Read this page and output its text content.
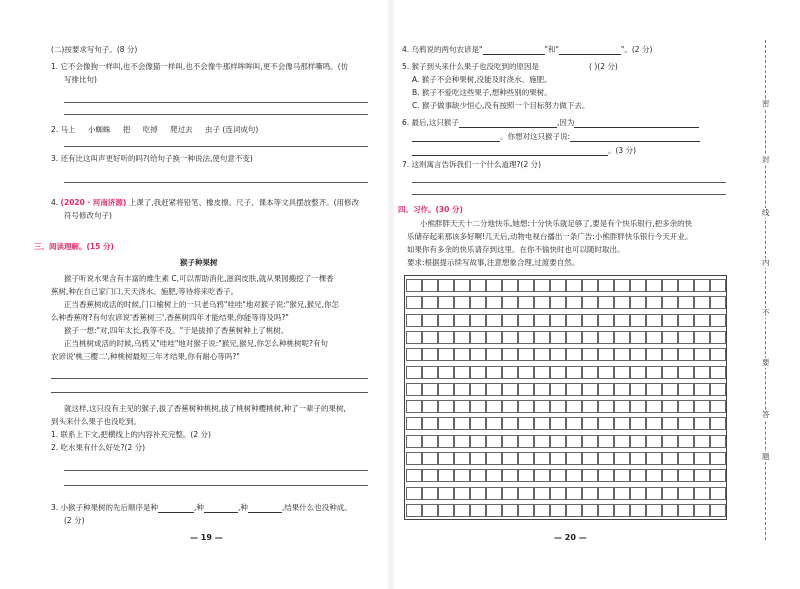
(二)按要求写句子。(8 分)
1. 它不会像狗一样叫,也不会像猫一样叫,也不会像牛那样哞哞叫,更不会像马那样嘶鸣。(仿
写排比句)
2. 马上 小蜘蛛 把 吃掉 爬过去 虫子 (连词成句)
3. 还有比这叫声更好听的吗?(给句子换一种说法,使句意不变)
4. (2020 · 河南济源) 上课了,我赶紧将铅笔、橡皮擦、尺子、课本等文具摆放整齐。(用修改
符号修改句子)
三、阅读理解。(15 分)
猴子种果树
猴子听说水果含有丰富的维生素 C,可以帮助消化,滋润皮肤,就从果园搬挖了一棵香
蕉树,种在自己家门口,天天浇水、施肥,等待将来吃香子。
正当香蕉树成活的时候,门口榆树上的一只老乌鸦"哇哇"地对猴子说:"猴兄,猴兄,你怎
么种香蕉呀?有句农谚说'香蕉树三',香蕉树四年才能结果,你能等得及吗?"
猴子一想:"对,四年太长,我等不及。"于是拔掉了香蕉树种上了桃树。
正当桃树成活的时候,乌鸦又"哇哇"地对猴子说:"猴兄,猴兄,你怎么种桃树呢?有句
农谚说'桃三樱二',种桃树最短三年才结果,你有耐心等吗?"
就这样,这只没有主见的猴子,拔了香蕉树种桃树,拔了桃树种樱桃树,种了一辈子的果树,
到头来什么果子也没吃到。
1. 联系上下文,把横线上的内容补充完整。(2 分)
2. 吃水果有什么好处?(2 分)
3. 小猴子种果树的先后顺序是种	,种	,种	,结果什么也没种成。
(2 分)
— 19 —
4. 乌鸦说的两句农谚是"	"和"	"。(2 分)
5. 猴子到头来什么果子也没吃到的原因是	( )(2 分)
A. 猴子不会种果树,没能及时浇水、施肥。
B. 猴子不爱吃这些果子,想种些别的果树。
C. 猴子做事缺少恒心,没有按照一个目标努力做下去。
6. 最后,这只猴子	,因为
。你想对这只猴子说:
。(3 分)
7. 这则寓言告诉我们一个什么道理?(2 分)
四、习作。(30 分)
小熊胖胖天天十二分地快乐,她想:十分快乐就足够了,要是有个快乐银行,把多余的快
乐储存起来那该多好啊!几天后,动物电视台播出一条广告:小熊胖胖快乐银行今天开业。
如果你有多余的快乐请存到这里。在你不愉快时也可以随时取出。
要求:根据提示续写故事,注意想象合理,过渡要自然。
— 20 —
密
封
线
内
不
要
答
题
